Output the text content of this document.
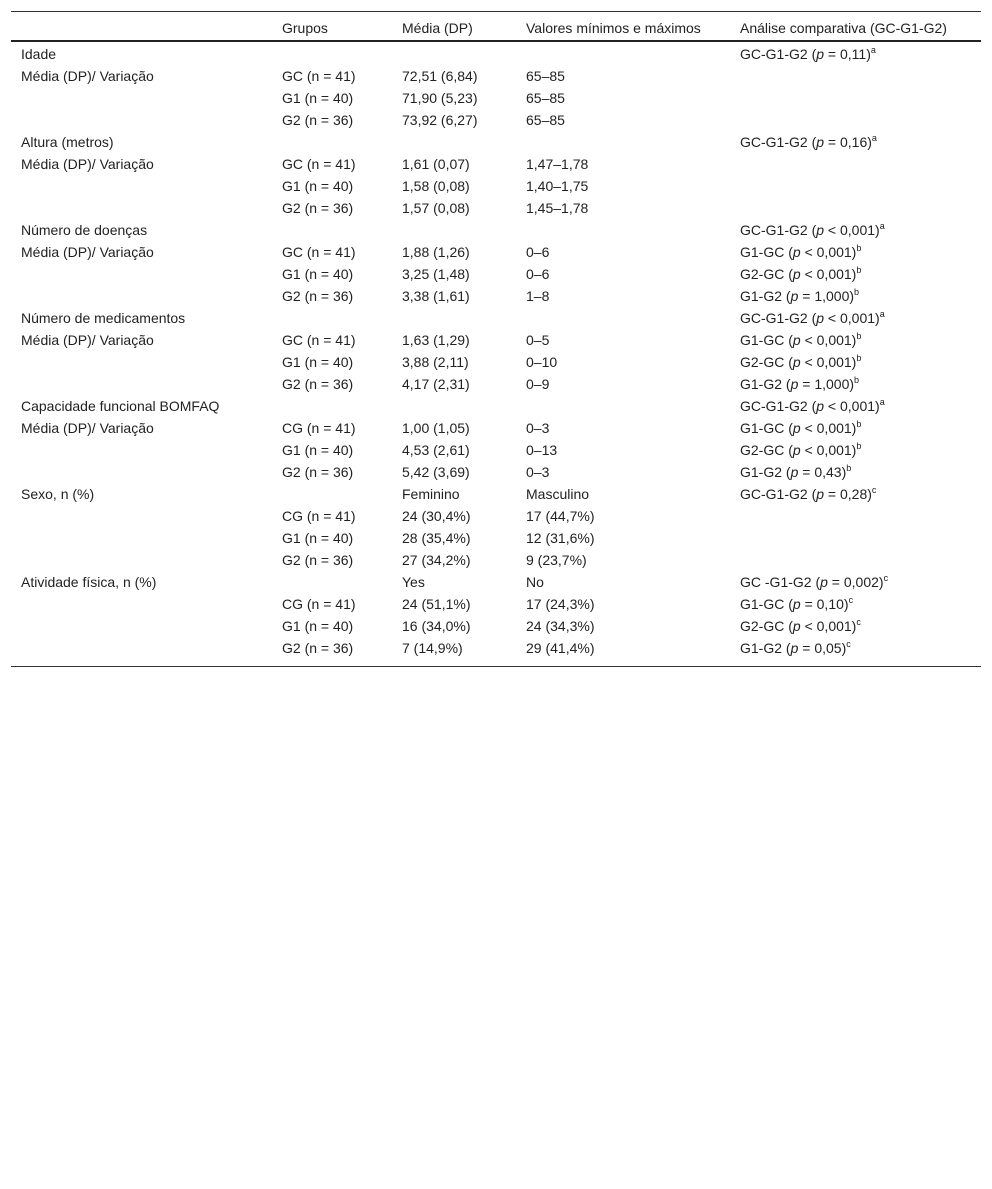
	Grupos	Média (DP)	Valores mínimos e máximos	Análise comparativa (GC-G1-G2)
Idade				GC-G1-G2 (p = 0,11)$^a$
Média (DP)/ Variação	GC (n = 41)	72,51 (6,84)	65–85	
	G1 (n = 40)	71,90 (5,23)	65–85	
	G2 (n = 36)	73,92 (6,27)	65–85	
Altura (metros)				GC-G1-G2 (p = 0,16)$^a$
Média (DP)/ Variação	GC (n = 41)	1,61 (0,07)	1,47–1,78	
	G1 (n = 40)	1,58 (0,08)	1,40–1,75	
	G2 (n = 36)	1,57 (0,08)	1,45–1,78	
Número de doenças				GC-G1-G2 (p < 0,001)$^a$
Média (DP)/ Variação	GC (n = 41)	1,88 (1,26)	0–6	G1-GC (p < 0,001)$^b$
	G1 (n = 40)	3,25 (1,48)	0–6	G2-GC (p < 0,001)$^b$
	G2 (n = 36)	3,38 (1,61)	1–8	G1-G2 (p = 1,000)$^b$
Número de medicamentos				GC-G1-G2 (p < 0,001)$^a$
Média (DP)/ Variação	GC (n = 41)	1,63 (1,29)	0–5	G1-GC (p < 0,001)$^b$
	G1 (n = 40)	3,88 (2,11)	0–10	G2-GC (p < 0,001)$^b$
	G2 (n = 36)	4,17 (2,31)	0–9	G1-G2 (p = 1,000)$^b$
Capacidade funcional BOMFAQ				GC-G1-G2 (p < 0,001)$^a$
Média (DP)/ Variação	CG (n = 41)	1,00 (1,05)	0–3	G1-GC (p < 0,001)$^b$
	G1 (n = 40)	4,53 (2,61)	0–13	G2-GC (p < 0,001)$^b$
	G2 (n = 36)	5,42 (3,69)	0–3	G1-G2 (p = 0,43)$^b$
Sexo, n (%)		Feminino	Masculino	GC-G1-G2 (p = 0,28)$^c$
	CG (n = 41)	24 (30,4%)	17 (44,7%)	
	G1 (n = 40)	28 (35,4%)	12 (31,6%)	
	G2 (n = 36)	27 (34,2%)	9 (23,7%)	
Atividade física, n (%)		Yes	No	GC -G1-G2 (p = 0,002)$^c$
	CG (n = 41)	24 (51,1%)	17 (24,3%)	G1-GC (p = 0,10)$^c$
	G1 (n = 40)	16 (34,0%)	24 (34,3%)	G2-GC (p < 0,001)$^c$
	G2 (n = 36)	7 (14,9%)	29 (41,4%)	G1-G2 (p = 0,05)$^c$
